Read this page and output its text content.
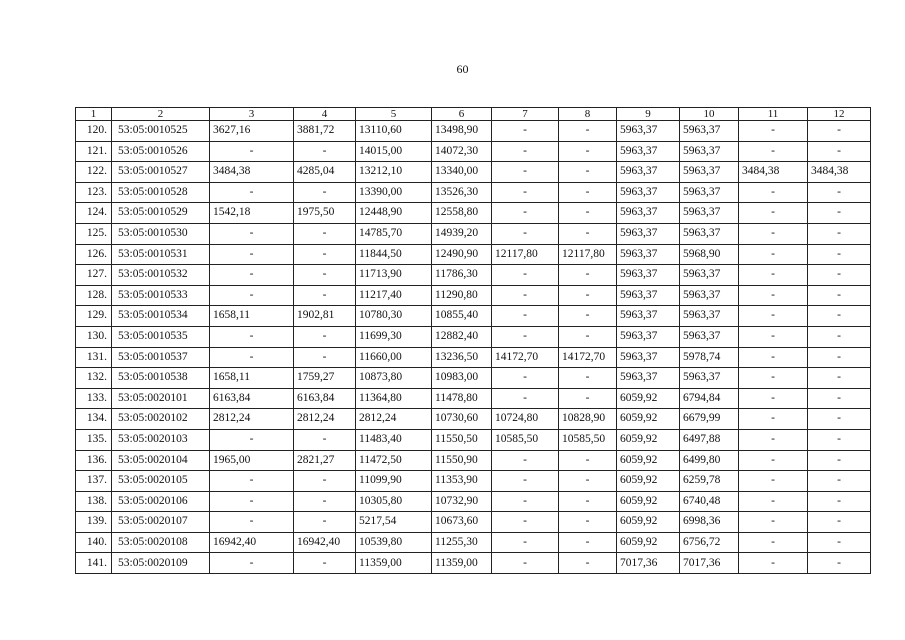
60
1	2	3	4	5	6	7	8	9	10	11	12
120.	53:05:0010525	3627,16	3881,72	13110,60	13498,90	-	-	5963,37	5963,37	-	-
121.	53:05:0010526	-	-	14015,00	14072,30	-	-	5963,37	5963,37	-	-
122.	53:05:0010527	3484,38	4285,04	13212,10	13340,00	-	-	5963,37	5963,37	3484,38	3484,38
123.	53:05:0010528	-	-	13390,00	13526,30	-	-	5963,37	5963,37	-	-
124.	53:05:0010529	1542,18	1975,50	12448,90	12558,80	-	-	5963,37	5963,37	-	-
125.	53:05:0010530	-	-	14785,70	14939,20	-	-	5963,37	5963,37	-	-
126.	53:05:0010531	-	-	11844,50	12490,90	12117,80	12117,80	5963,37	5968,90	-	-
127.	53:05:0010532	-	-	11713,90	11786,30	-	-	5963,37	5963,37	-	-
128.	53:05:0010533	-	-	11217,40	11290,80	-	-	5963,37	5963,37	-	-
129.	53:05:0010534	1658,11	1902,81	10780,30	10855,40	-	-	5963,37	5963,37	-	-
130.	53:05:0010535	-	-	11699,30	12882,40	-	-	5963,37	5963,37	-	-
131.	53:05:0010537	-	-	11660,00	13236,50	14172,70	14172,70	5963,37	5978,74	-	-
132.	53:05:0010538	1658,11	1759,27	10873,80	10983,00	-	-	5963,37	5963,37	-	-
133.	53:05:0020101	6163,84	6163,84	11364,80	11478,80	-	-	6059,92	6794,84	-	-
134.	53:05:0020102	2812,24	2812,24	2812,24	10730,60	10724,80	10828,90	6059,92	6679,99	-	-
135.	53:05:0020103	-	-	11483,40	11550,50	10585,50	10585,50	6059,92	6497,88	-	-
136.	53:05:0020104	1965,00	2821,27	11472,50	11550,90	-	-	6059,92	6499,80	-	-
137.	53:05:0020105	-	-	11099,90	11353,90	-	-	6059,92	6259,78	-	-
138.	53:05:0020106	-	-	10305,80	10732,90	-	-	6059,92	6740,48	-	-
139.	53:05:0020107	-	-	5217,54	10673,60	-	-	6059,92	6998,36	-	-
140.	53:05:0020108	16942,40	16942,40	10539,80	11255,30	-	-	6059,92	6756,72	-	-
141.	53:05:0020109	-	-	11359,00	11359,00	-	-	7017,36	7017,36	-	-
